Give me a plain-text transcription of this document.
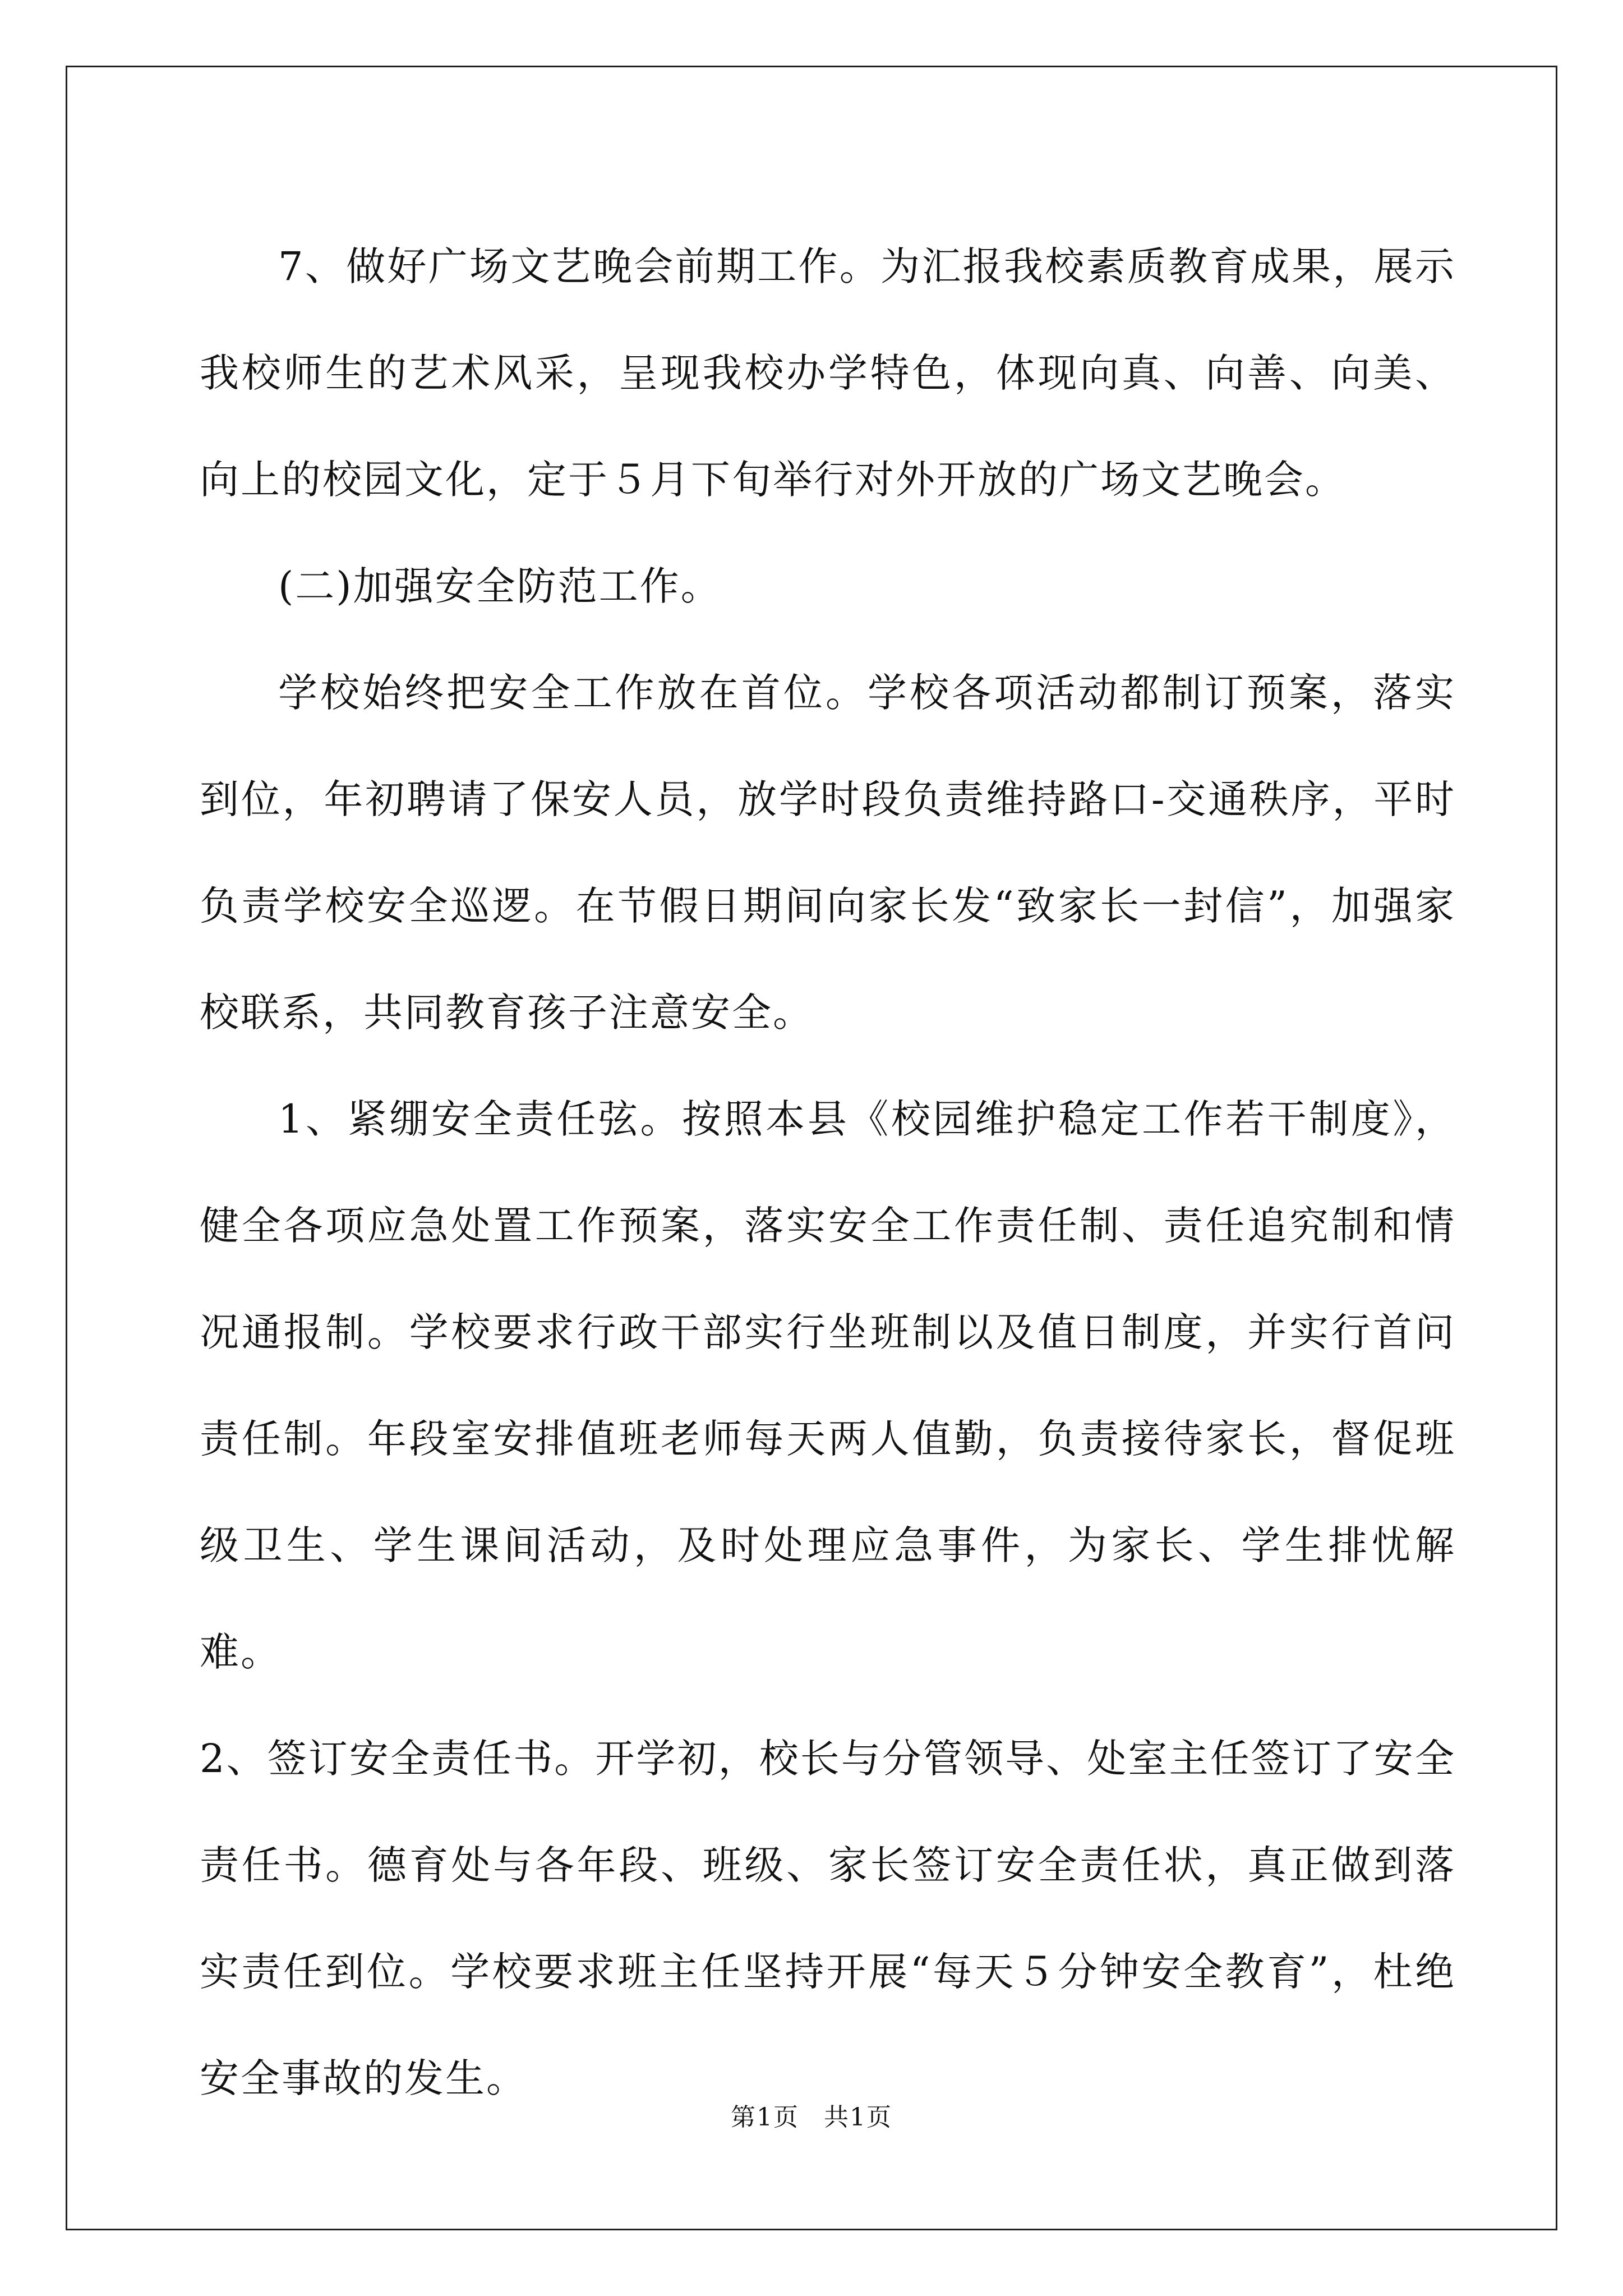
7、做好广场文艺晚会前期工作。为汇报我校素质教育成果，展示我校师生的艺术风采，呈现我校办学特色，体现向真、向善、向美、向上的校园文化，定于５月下旬举行对外开放的广场文艺晚会。

(二)加强安全防范工作。

学校始终把安全工作放在首位。学校各项活动都制订预案，落实到位，年初聘请了保安人员，放学时段负责维持路口-交通秩序，平时负责学校安全巡逻。在节假日期间向家长发“致家长一封信”，加强家校联系，共同教育孩子注意安全。

1、紧绷安全责任弦。按照本县《校园维护稳定工作若干制度》，健全各项应急处置工作预案，落实安全工作责任制、责任追究制和情况通报制。学校要求行政干部实行坐班制以及值日制度，并实行首问责任制。年段室安排值班老师每天两人值勤，负责接待家长，督促班级卫生、学生课间活动，及时处理应急事件，为家长、学生排忧解难。

2、签订安全责任书。开学初，校长与分管领导、处室主任签订了安全责任书。德育处与各年段、班级、家长签订安全责任状，真正做到落实责任到位。学校要求班主任坚持开展“每天５分钟安全教育”，杜绝安全事故的发生。

第1页 共1页
